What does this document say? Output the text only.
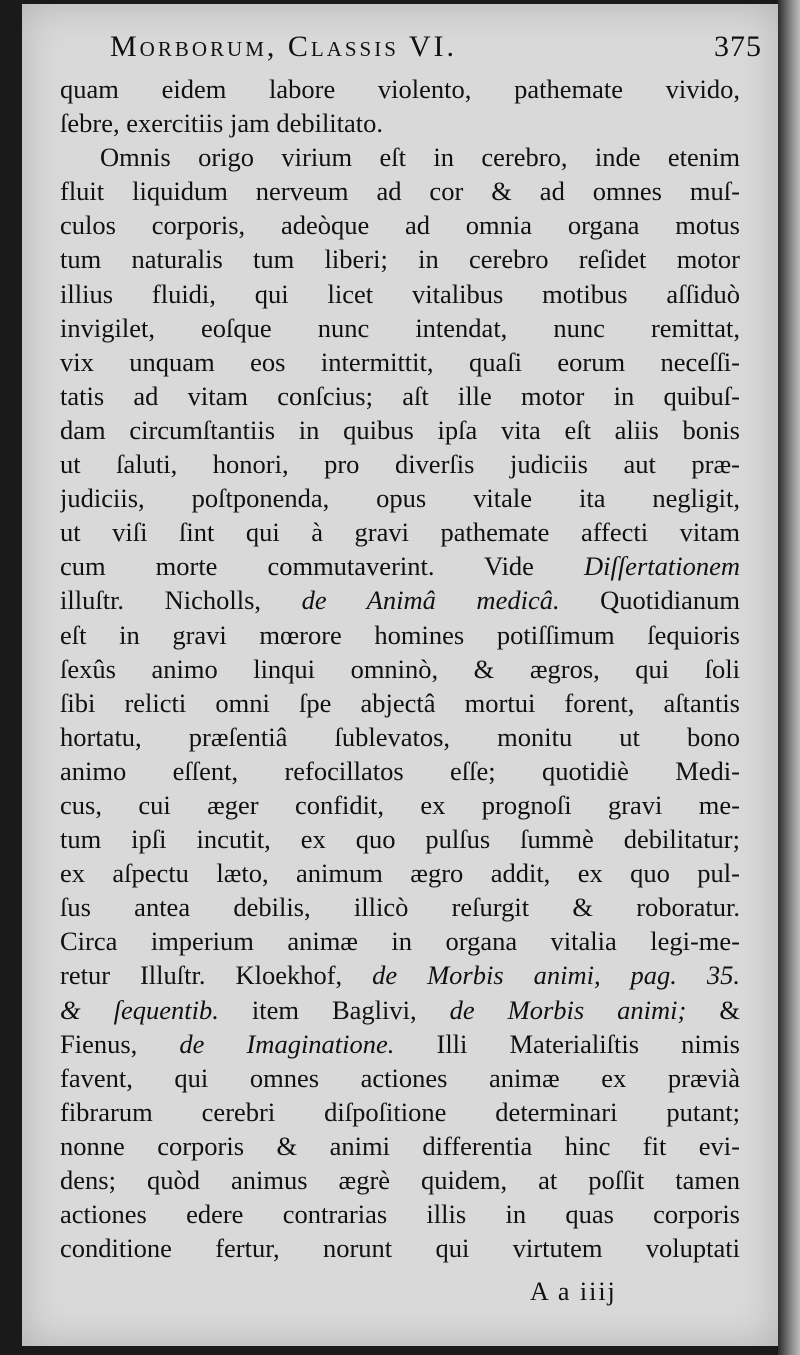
Morborum, Classis VI.	375
quam eidem labore violento, pathemate vivido,
ſebre, exercitiis jam debilitato.
Omnis origo virium eſt in cerebro, inde etenim
fluit liquidum nerveum ad cor & ad omnes muſ-
culos corporis, adeòque ad omnia organa motus
tum naturalis tum liberi; in cerebro reſidet motor
illius fluidi, qui licet vitalibus motibus aſſiduò
invigilet, eoſque nunc intendat, nunc remittat,
vix unquam eos intermittit, quaſi eorum neceſſi-
tatis ad vitam conſcius; aſt ille motor in quibuſ-
dam circumſtantiis in quibus ipſa vita eſt aliis bonis
ut ſaluti, honori, pro diverſis judiciis aut præ-
judiciis, poſtponenda, opus vitale ita negligit,
ut viſi ſint qui à gravi pathemate affecti vitam
cum morte commutaverint. Vide Diſſertationem
illuſtr. Nicholls, de Animâ medicâ. Quotidianum
eſt in gravi mœrore homines potiſſimum ſequioris
ſexûs animo linqui omninò, & ægros, qui ſoli
ſibi relicti omni ſpe abjectâ mortui forent, aſtantis
hortatu, præſentiâ ſublevatos, monitu ut bono
animo eſſent, refocillatos eſſe; quotidiè Medi-
cus, cui æger confidit, ex prognoſi gravi me-
tum ipſi incutit, ex quo pulſus ſummè debilitatur;
ex aſpectu læto, animum ægro addit, ex quo pul-
ſus antea debilis, illicò reſurgit & roboratur.
Circa imperium animæ in organa vitalia legi-me-
retur Illuſtr. Kloekhof, de Morbis animi, pag. 35.
& ſequentib. item Baglivi, de Morbis animi; &
Fienus, de Imaginatione. Illi Materialiſtis nimis
favent, qui omnes actiones animæ ex prævià
fibrarum cerebri diſpoſitione determinari putant;
nonne corporis & animi differentia hinc fit evi-
dens; quòd animus ægrè quidem, at poſſit tamen
actiones edere contrarias illis in quas corporis
conditione fertur, norunt qui virtutem voluptati
A a iiij
